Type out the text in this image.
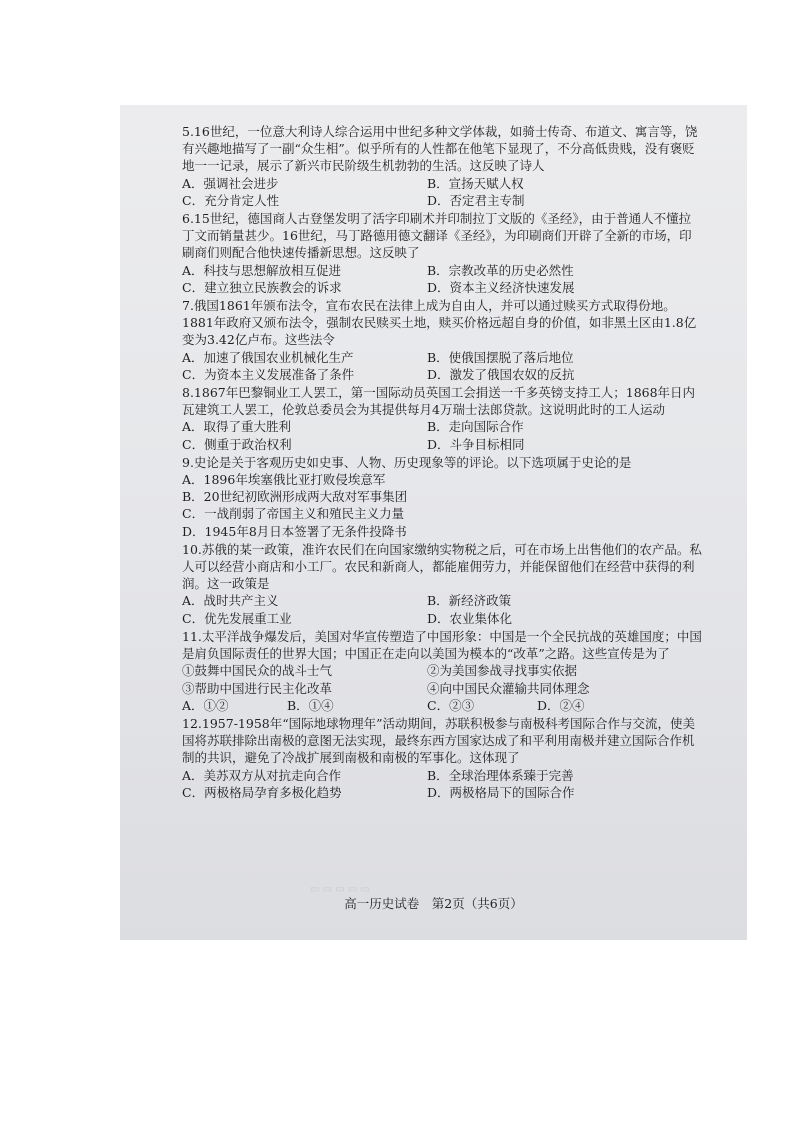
5.16世纪，一位意大利诗人综合运用中世纪多种文学体裁，如骑士传奇、布道文、寓言等，饶有兴趣地描写了一副“众生相”。似乎所有的人性都在他笔下显现了，不分高低贵贱，没有褒贬地一一记录，展示了新兴市民阶级生机勃勃的生活。这反映了诗人
A．强调社会进步	B．宣扬天赋人权
C．充分肯定人性	D．否定君主专制
6.15世纪，德国商人古登堡发明了活字印刷术并印制拉丁文版的《圣经》，由于普通人不懂拉丁文而销量甚少。16世纪，马丁路德用德文翻译《圣经》，为印刷商们开辟了全新的市场，印刷商们则配合他快速传播新思想。这反映了
A．科技与思想解放相互促进	B．宗教改革的历史必然性
C．建立独立民族教会的诉求	D．资本主义经济快速发展
7.俄国1861年颁布法令，宣布农民在法律上成为自由人，并可以通过赎买方式取得份地。1881年政府又颁布法令，强制农民赎买土地，赎买价格远超自身的价值，如非黑土区由1.8亿变为3.42亿卢布。这些法令
A．加速了俄国农业机械化生产	B．使俄国摆脱了落后地位
C．为资本主义发展准备了条件	D．激发了俄国农奴的反抗
8.1867年巴黎铜业工人罢工，第一国际动员英国工会捐送一千多英镑支持工人；1868年日内瓦建筑工人罢工，伦敦总委员会为其提供每月4万瑞士法郎贷款。这说明此时的工人运动
A．取得了重大胜利	B．走向国际合作
C．侧重于政治权利	D．斗争目标相同
9.史论是关于客观历史如史事、人物、历史现象等的评论。以下选项属于史论的是
A．1896年埃塞俄比亚打败侵埃意军
B．20世纪初欧洲形成两大敌对军事集团
C．一战削弱了帝国主义和殖民主义力量
D．1945年8月日本签署了无条件投降书
10.苏俄的某一政策，准许农民们在向国家缴纳实物税之后，可在市场上出售他们的农产品。私人可以经营小商店和小工厂。农民和新商人，都能雇佣劳力，并能保留他们在经营中获得的利润。这一政策是
A．战时共产主义	B．新经济政策
C．优先发展重工业	D．农业集体化
11.太平洋战争爆发后，美国对华宣传塑造了中国形象：中国是一个全民抗战的英雄国度；中国是肩负国际责任的世界大国；中国正在走向以美国为模本的“改革”之路。这些宣传是为了
①鼓舞中国民众的战斗士气	②为美国参战寻找事实依据
③帮助中国进行民主化改革	④向中国民众灌输共同体理念
A．①②	B．①④	C．②③	D．②④
12.1957-1958年“国际地球物理年”活动期间，苏联积极参与南极科考国际合作与交流，使美国将苏联排除出南极的意图无法实现，最终东西方国家达成了和平利用南极并建立国际合作机制的共识，避免了冷战扩展到南极和南极的军事化。这体现了
A．美苏双方从对抗走向合作	B．全球治理体系臻于完善
C．两极格局孕育多极化趋势	D．两极格局下的国际合作
▭ ▭ ▭ ▭ ▭
高一历史试卷　第2页（共6页）
